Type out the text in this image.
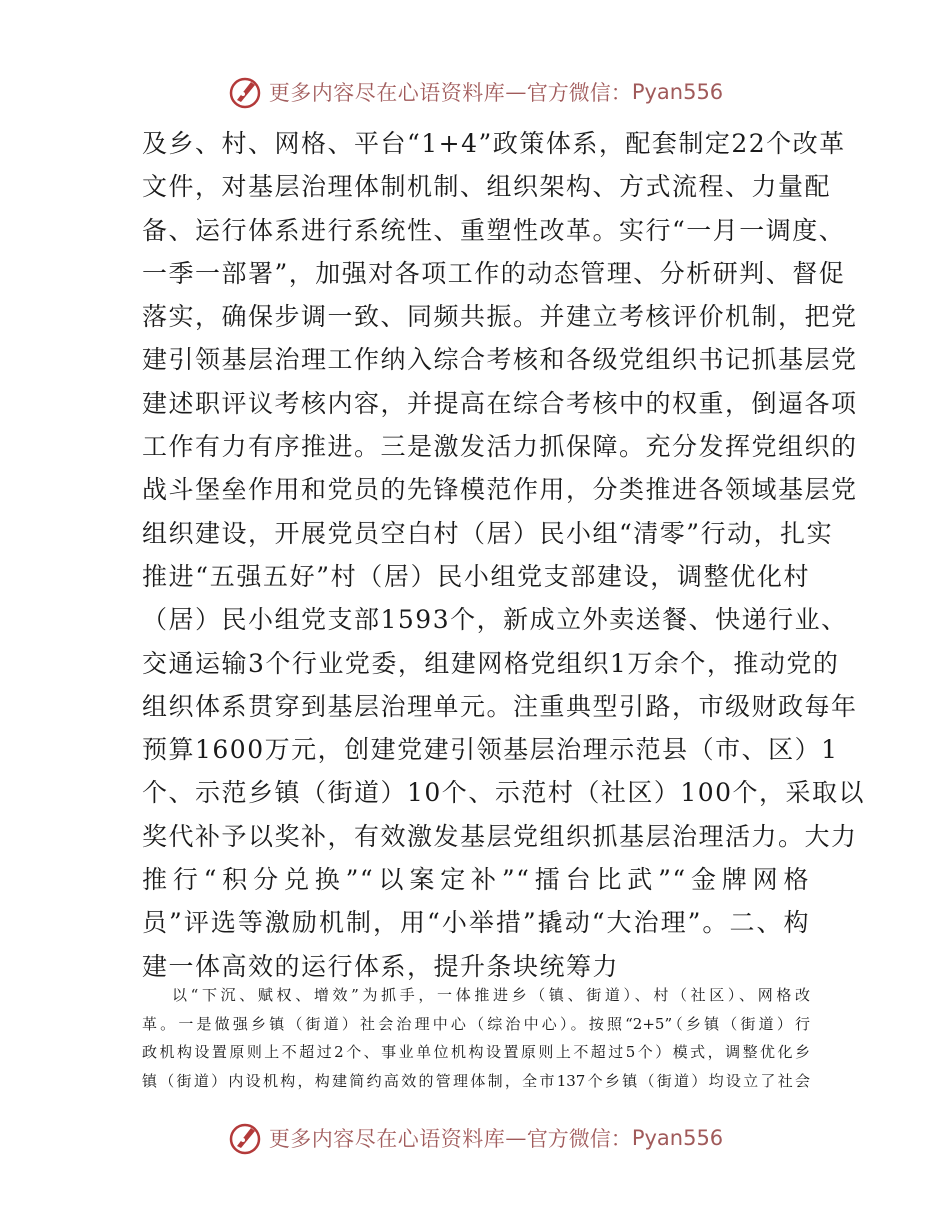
更多内容尽在心语资料库 — 官方微信： Pyan556
及乡、村、网格、平台“1+4”政策体系，配套制定22个改革
文件，对基层治理体制机制、组织架构、方式流程、力量配
备、运行体系进行系统性、重塑性改革。实行“一月一调度、
一季一部署”，加强对各项工作的动态管理、分析研判、督促
落实，确保步调一致、同频共振。并建立考核评价机制，把党
建引领基层治理工作纳入综合考核和各级党组织书记抓基层党
建述职评议考核内容，并提高在综合考核中的权重，倒逼各项
工作有力有序推进。三是激发活力抓保障。充分发挥党组织的
战斗堡垒作用和党员的先锋模范作用，分类推进各领域基层党
组织建设，开展党员空白村（居）民小组“清零”行动，扎实
推进“五强五好”村（居）民小组党支部建设，调整优化村
（居）民小组党支部1593个，新成立外卖送餐、快递行业、
交通运输3个行业党委，组建网格党组织1万余个，推动党的
组织体系贯穿到基层治理单元。注重典型引路，市级财政每年
预算1600万元，创建党建引领基层治理示范县（市、区）1
个、示范乡镇（街道）10个、示范村（社区）100个，采取以
奖代补予以奖补，有效激发基层党组织抓基层治理活力。大力
推行“积分兑换”“以案定补”“擂台比武”“金牌网格
员”评选等激励机制，用“小举措”撬动“大治理”。二、构
建一体高效的运行体系，提升条块统筹力
以“下沉、赋权、增效”为抓手，一体推进乡（镇、街道）、村（社区）、网格改
革。一是做强乡镇（街道）社会治理中心（综治中心）。按照“2+5”（乡镇（街道）行
政机构设置原则上不超过2个、事业单位机构设置原则上不超过5个）模式，调整优化乡
镇（街道）内设机构，构建简约高效的管理体制，全市137个乡镇（街道）均设立了社会
更多内容尽在心语资料库 — 官方微信： Pyan556
